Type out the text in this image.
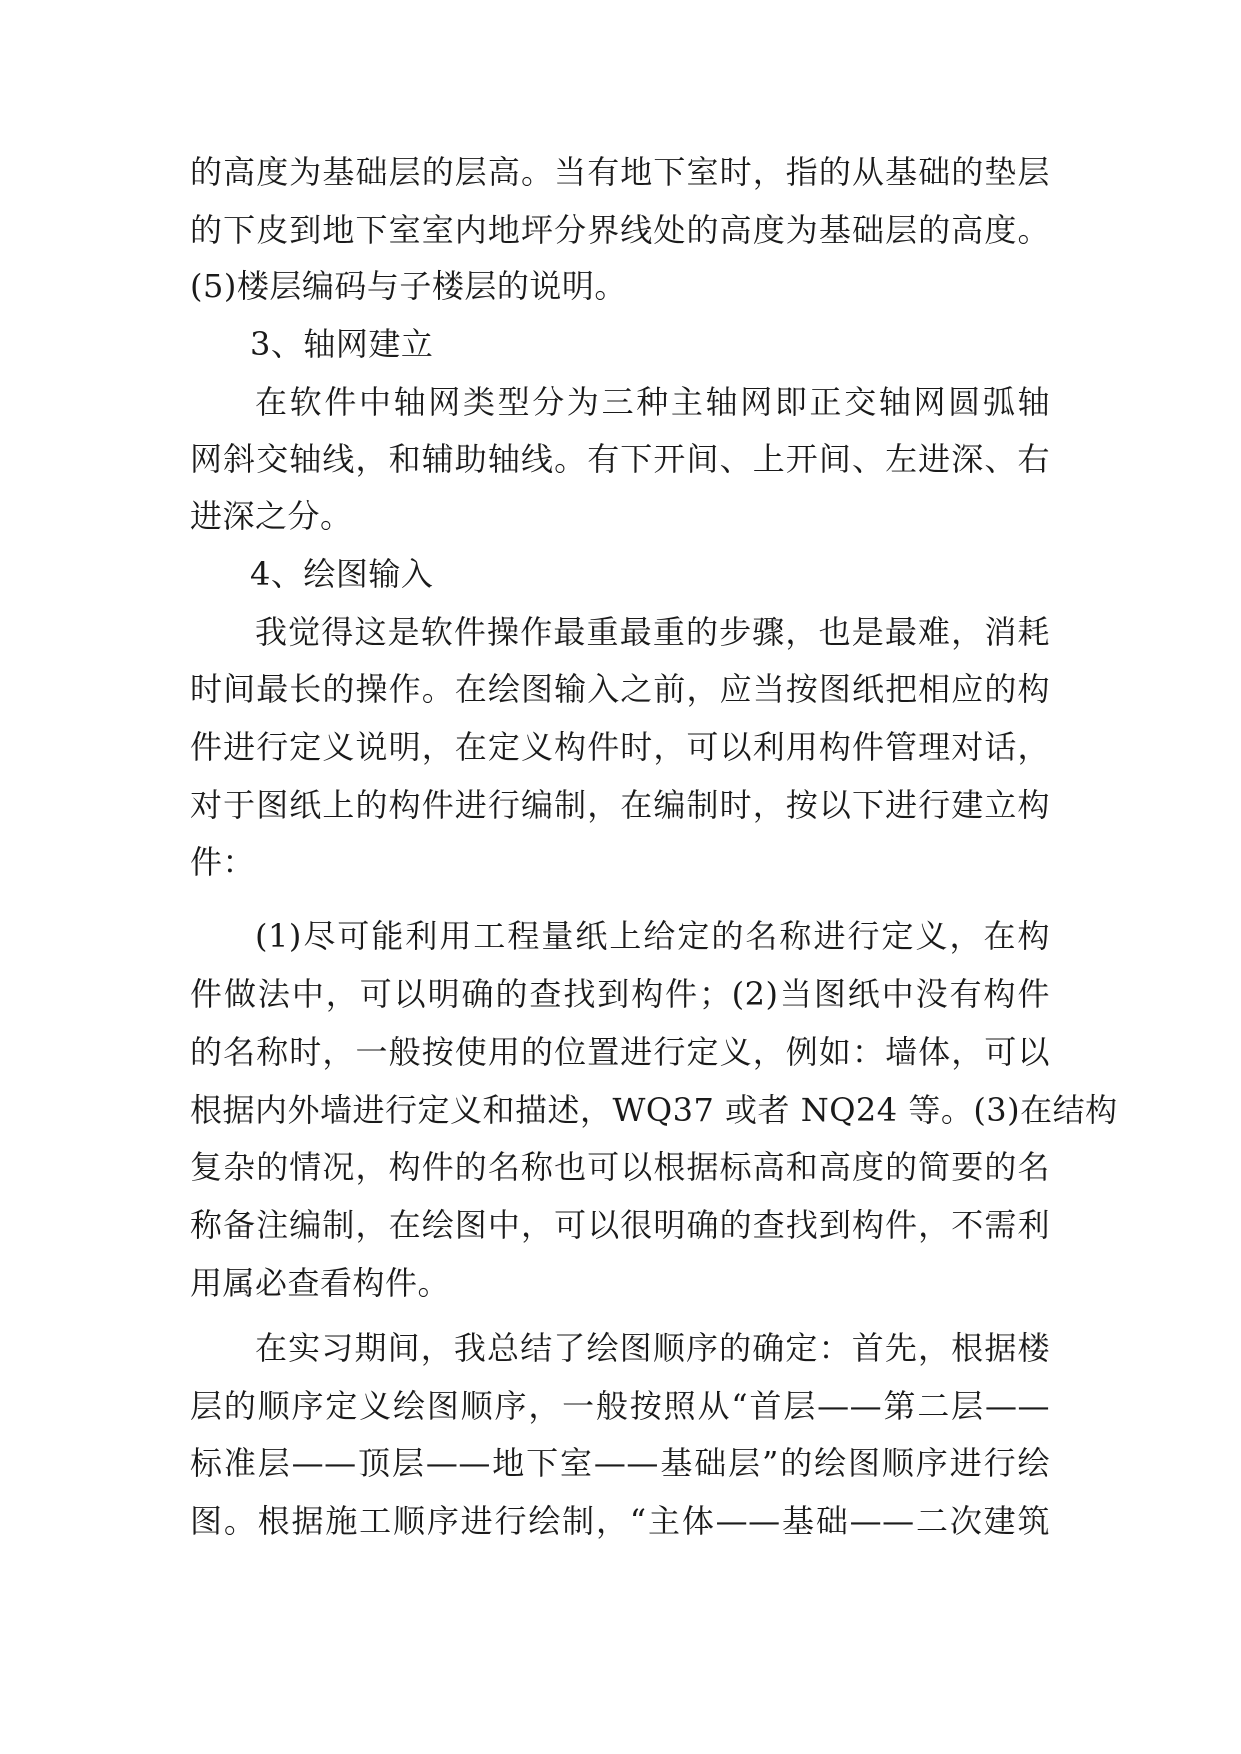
的高度为基础层的层高。当有地下室时，指的从基础的垫层
的下皮到地下室室内地坪分界线处的高度为基础层的高度。
(5)楼层编码与子楼层的说明。
3、轴网建立
在软件中轴网类型分为三种主轴网即正交轴网圆弧轴
网斜交轴线，和辅助轴线。有下开间、上开间、左进深、右
进深之分。
4、绘图输入
我觉得这是软件操作最重最重的步骤，也是最难，消耗
时间最长的操作。在绘图输入之前，应当按图纸把相应的构
件进行定义说明，在定义构件时，可以利用构件管理对话，
对于图纸上的构件进行编制，在编制时，按以下进行建立构
件：
(1)尽可能利用工程量纸上给定的名称进行定义，在构
件做法中，可以明确的查找到构件；(2)当图纸中没有构件
的名称时，一般按使用的位置进行定义，例如：墙体，可以
根据内外墙进行定义和描述，WQ37 或者 NQ24 等。(3)在结构
复杂的情况，构件的名称也可以根据标高和高度的简要的名
称备注编制，在绘图中，可以很明确的查找到构件，不需利
用属必查看构件。
在实习期间，我总结了绘图顺序的确定：首先，根据楼
层的顺序定义绘图顺序，一般按照从“首层——第二层——
标准层——顶层——地下室——基础层”的绘图顺序进行绘
图。根据施工顺序进行绘制，“主体——基础——二次建筑
